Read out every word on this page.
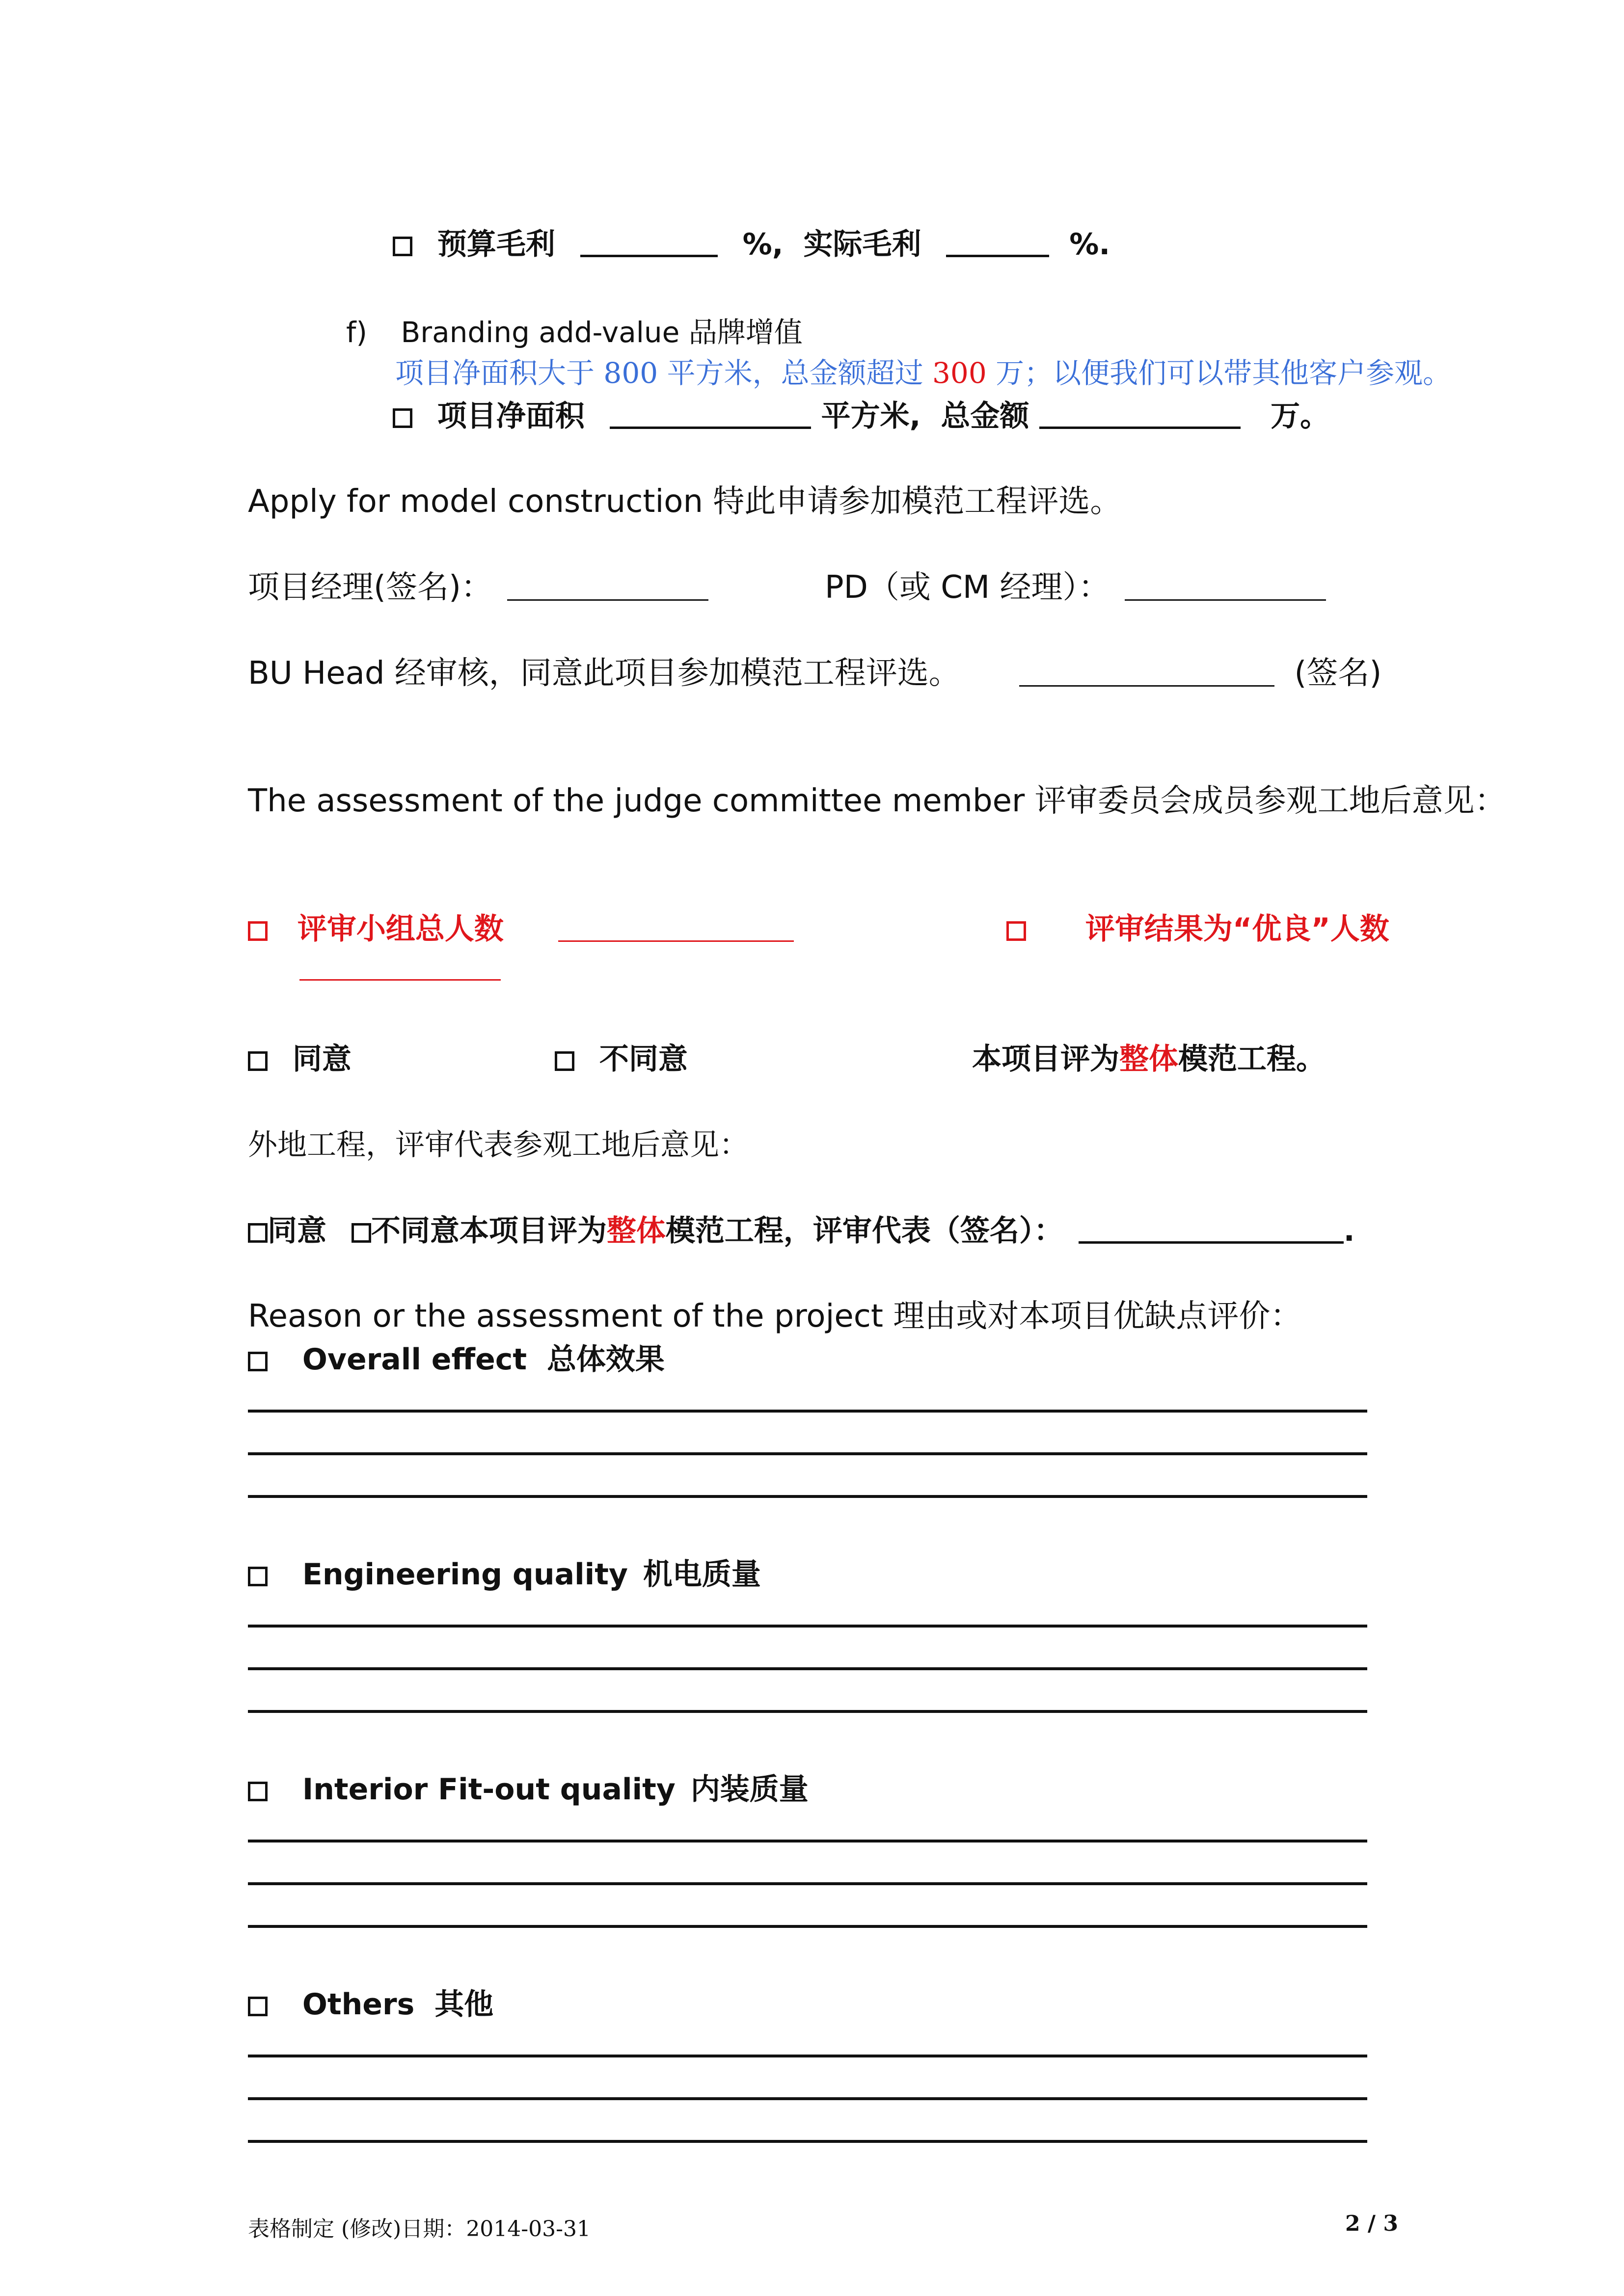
预算毛利	%, 实际毛利	%.
f) Branding add-value 品牌增值
项目净面积大于 800 平方米，总金额超过 300 万；以便我们可以带其他客户参观。
项目净面积	平方米, 总金额	万。
Apply for model construction 特此申请参加模范工程评选。
项目经理(签名)：	PD（或 CM 经理）：
BU Head 经审核，同意此项目参加模范工程评选。	(签名)
The assessment of the judge committee member 评审委员会成员参观工地后意见：
评审小组总人数	评审结果为“优良”人数
同意	不同意	本项目评为整体模范工程。
外地工程，评审代表参观工地后意见：
同意 不同意本项目评为整体模范工程，评审代表（签名）：	.
Reason or the assessment of the project 理由或对本项目优缺点评价：
Overall effect 总体效果
Engineering quality 机电质量
Interior Fit-out quality 内装质量
Others 其他
表格制定 (修改)日期：2014-03-31	2 / 3
